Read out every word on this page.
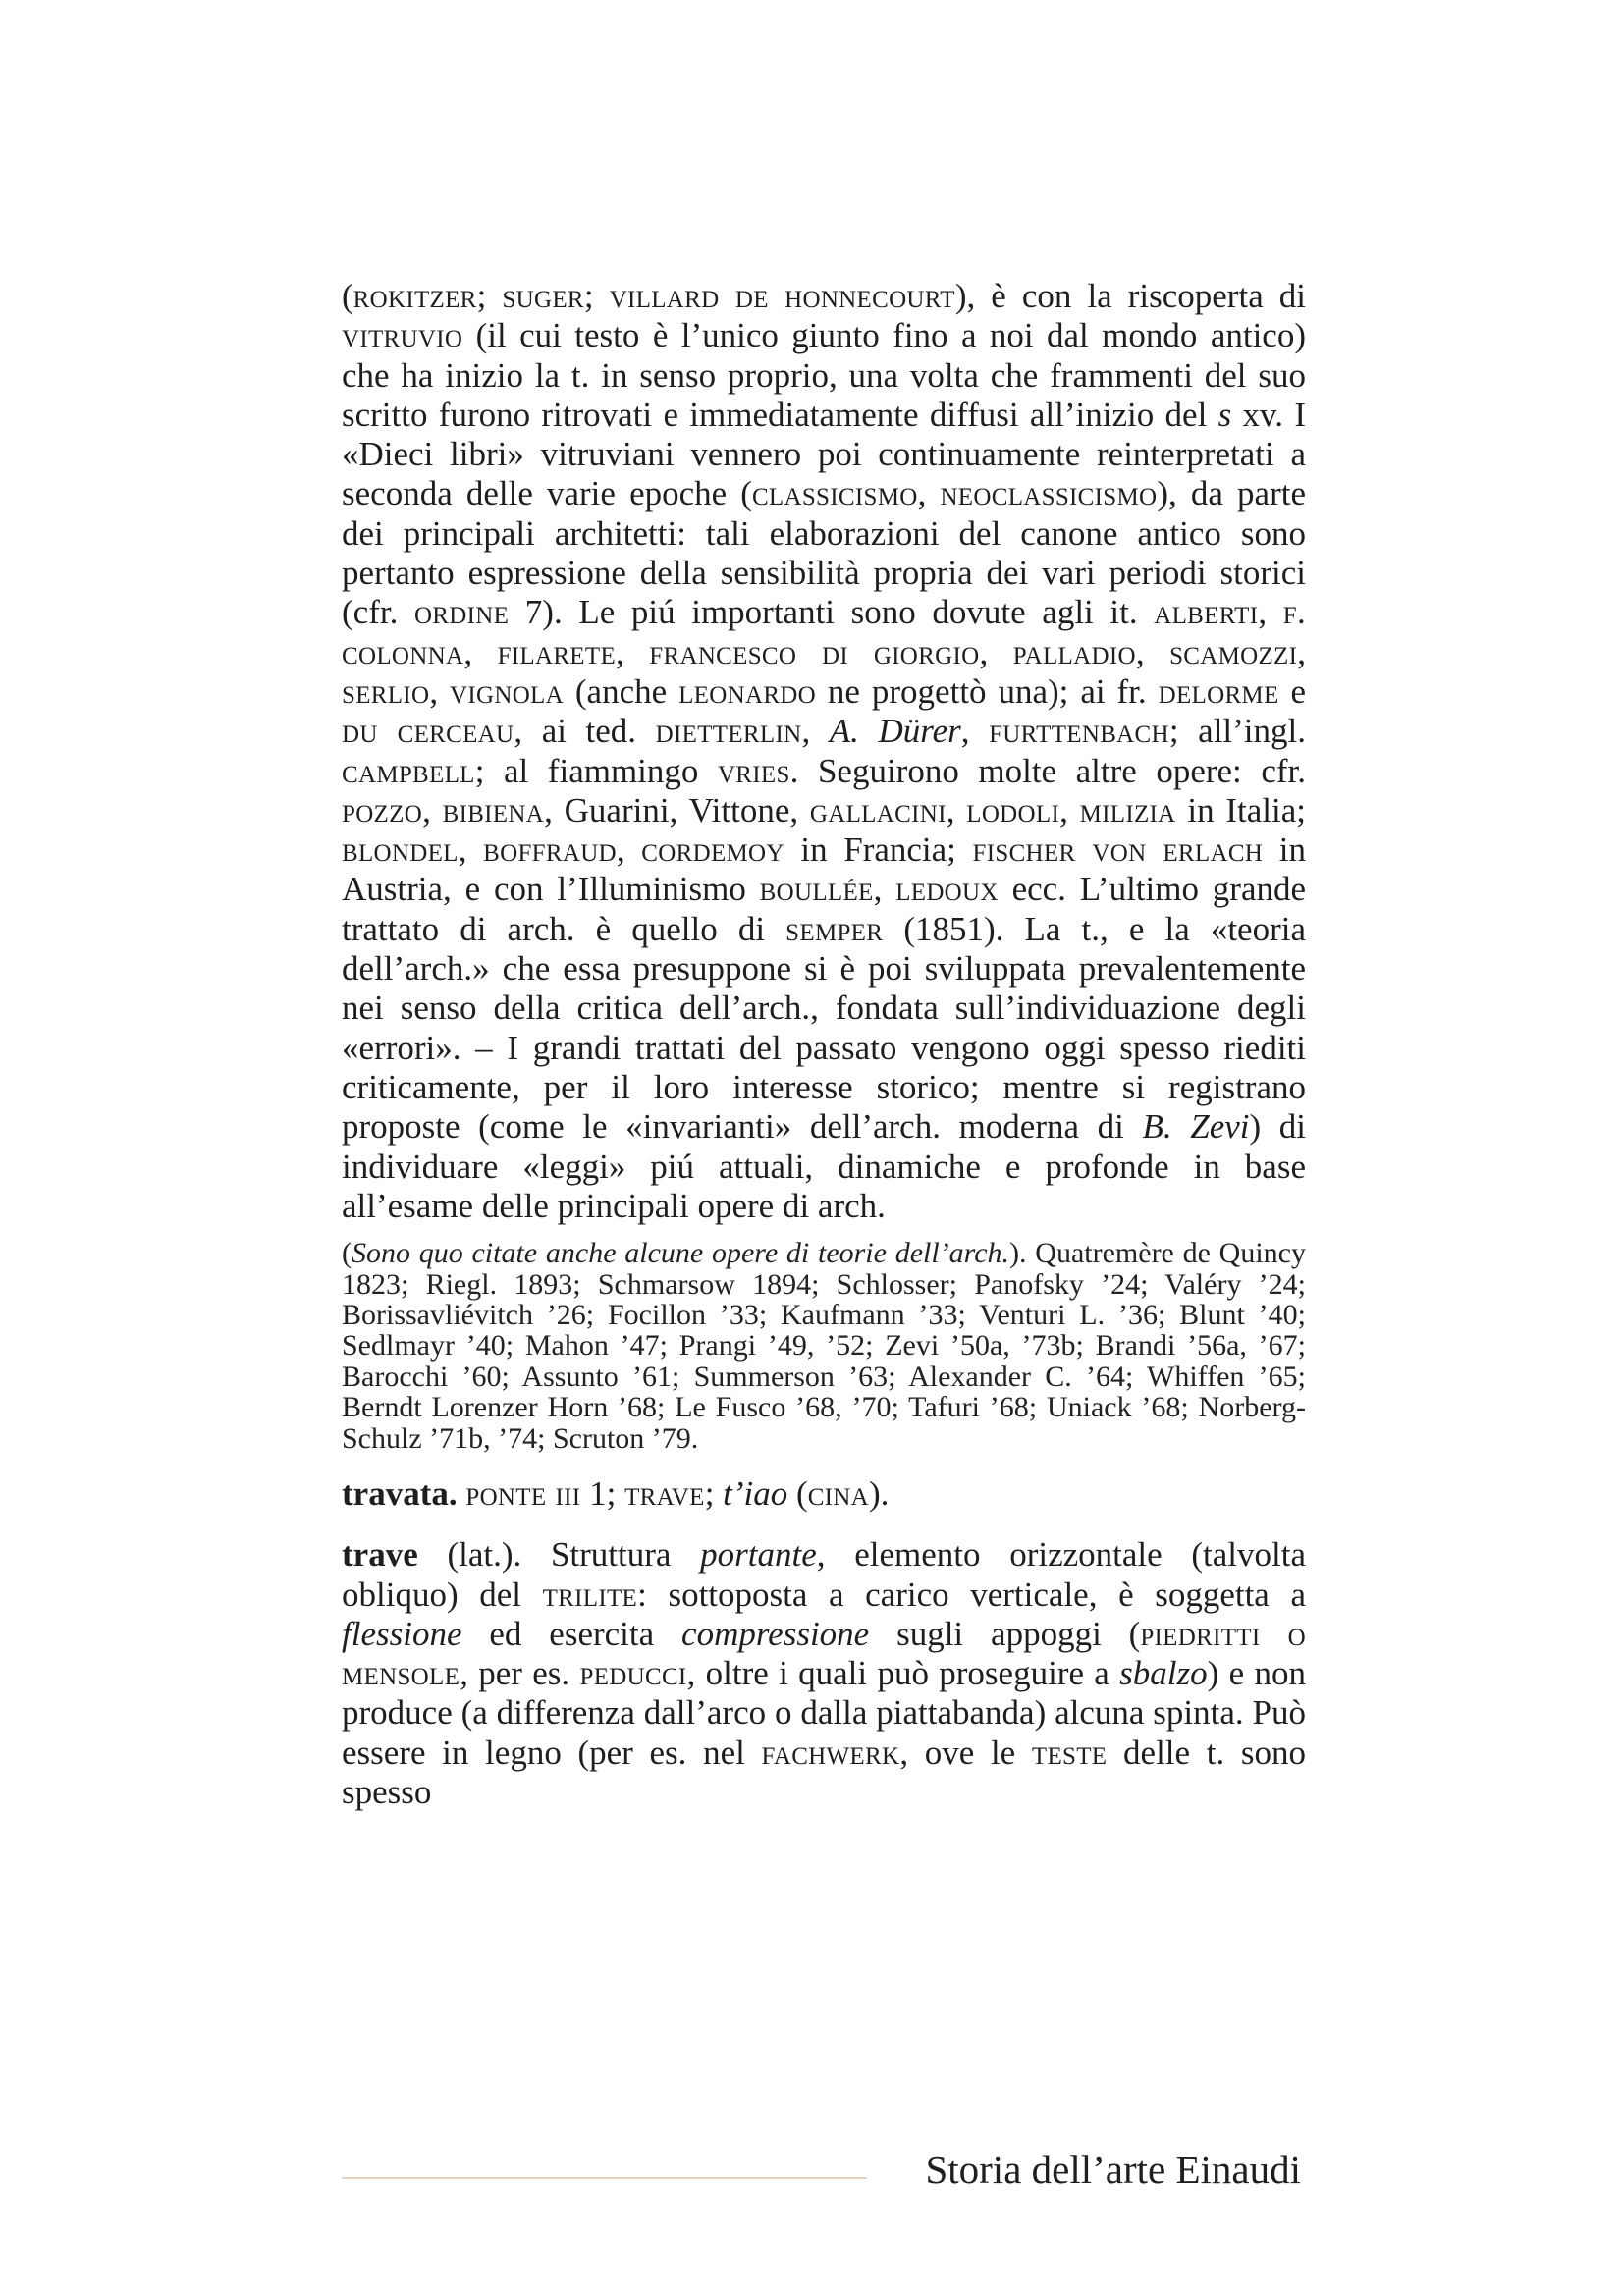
(rokitzer; suger; villard de honnecourt), è con la riscoperta di vitruvio (il cui testo è l’unico giunto fino a noi dal mondo antico) che ha inizio la t. in senso proprio, una volta che frammenti del suo scritto furono ritrovati e immediatamente diffusi all’inizio del s xv. I «Dieci libri» vitruviani vennero poi continuamente reinterpretati a seconda delle varie epoche (classicismo, neoclassicismo), da parte dei principali architetti: tali elaborazioni del canone antico sono pertanto espressione della sensibilità propria dei vari periodi storici (cfr. ordine 7). Le piú importanti sono dovute agli it. alberti, f. colonna, filarete, francesco di giorgio, palladio, scamozzi, serlio, vignola (anche leonardo ne progettò una); ai fr. delorme e du cerceau, ai ted. dietterlin, A. Dürer, furttenbach; all’ingl. campbell; al fiammingo vries. Seguirono molte altre opere: cfr. pozzo, bibiena, Guarini, Vittone, gallacini, lodoli, milizia in Italia; blondel, boffraud, cordemoy in Francia; fischer von erlach in Austria, e con l’Illuminismo boullée, ledoux ecc. L’ultimo grande trattato di arch. è quello di semper (1851). La t., e la «teoria dell’arch.» che essa presuppone si è poi sviluppata prevalentemente nei senso della critica dell’arch., fondata sull’individuazione degli «errori». – I grandi trattati del passato vengono oggi spesso riediti criticamente, per il loro interesse storico; mentre si registrano proposte (come le «invarianti» dell’arch. moderna di B. Zevi) di individuare «leggi» piú attuali, dinamiche e profonde in base all’esame delle principali opere di arch.

(Sono quo citate anche alcune opere di teorie dell’arch.). Quatremère de Quincy 1823; Riegl. 1893; Schmarsow 1894; Schlosser; Panofsky ’24; Valéry ’24; Borissavliévitch ’26; Focillon ’33; Kaufmann ’33; Venturi L. ’36; Blunt ’40; Sedlmayr ’40; Mahon ’47; Prangi ’49, ’52; Zevi ’50a, ’73b; Brandi ’56a, ’67; Barocchi ’60; Assunto ’61; Summerson ’63; Alexander C. ’64; Whiffen ’65; Berndt Lorenzer Horn ’68; Le Fusco ’68, ’70; Tafuri ’68; Uniack ’68; Norberg-Schulz ’71b, ’74; Scruton ’79.

travata. ponte iii 1; trave; t’iao (cina).

trave (lat.). Struttura portante, elemento orizzontale (talvolta obliquo) del trilite: sottoposta a carico verticale, è soggetta a flessione ed esercita compressione sugli appoggi (piedritti o mensole, per es. peducci, oltre i quali può proseguire a sbalzo) e non produce (a differenza dall’arco o dalla piattabanda) alcuna spinta. Può essere in legno (per es. nel fachwerk, ove le teste delle t. sono spesso

Storia dell’arte Einaudi
